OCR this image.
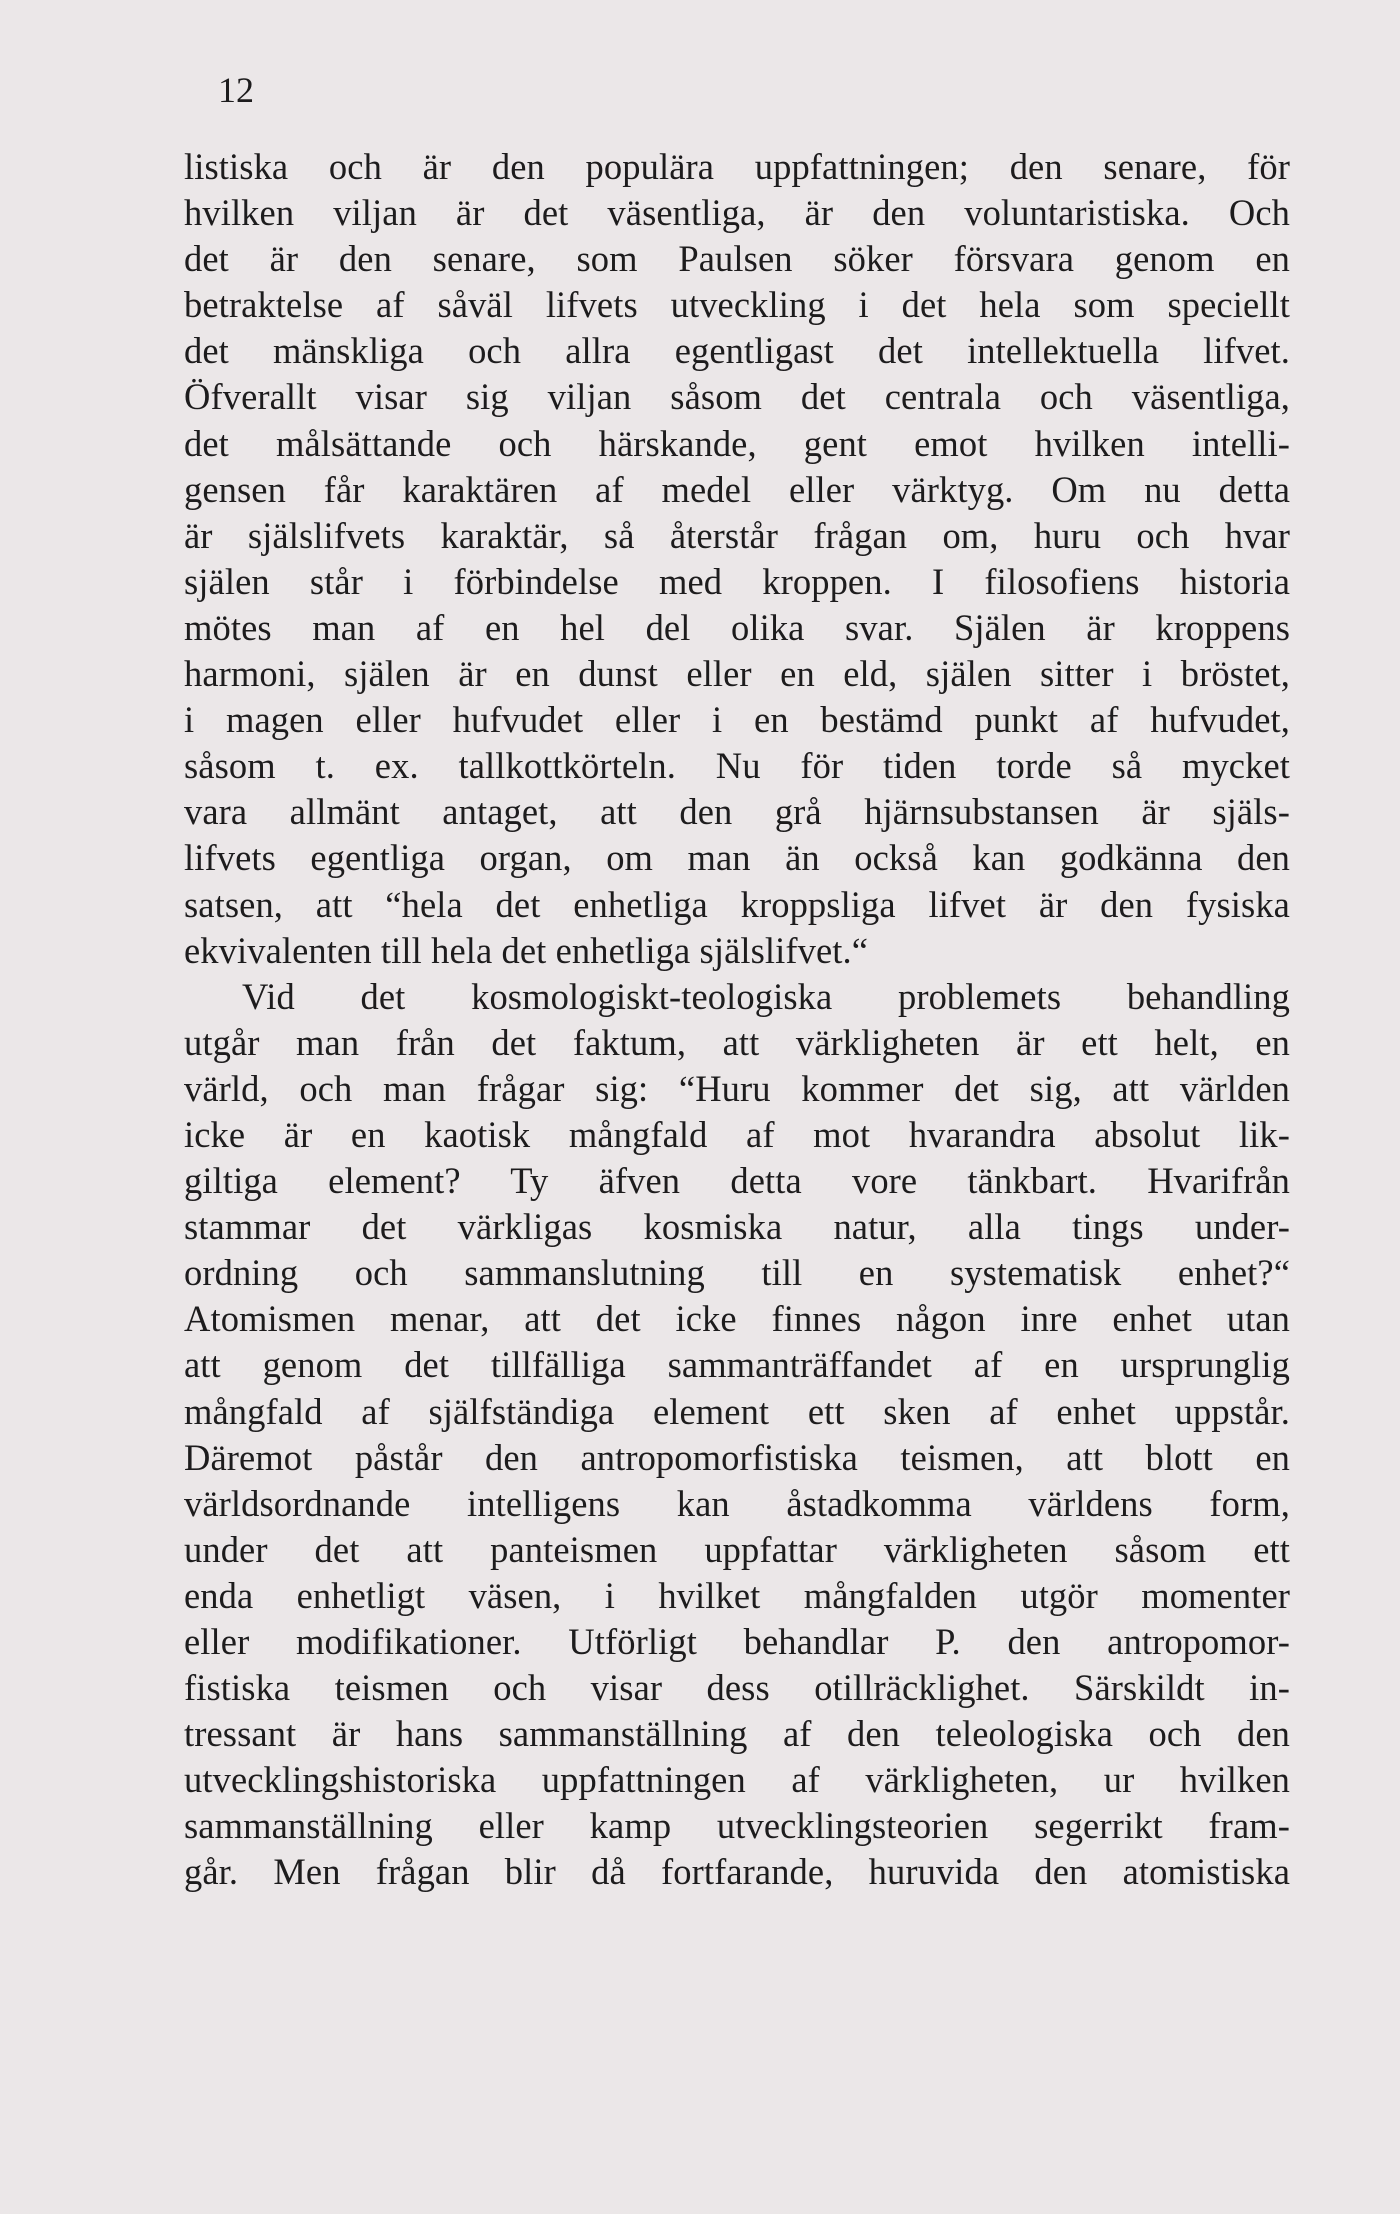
12
listiska och är den populära uppfattningen; den senare, för
hvilken viljan är det väsentliga, är den voluntaristiska. Och
det är den senare, som Paulsen söker försvara genom en
betraktelse af såväl lifvets utveckling i det hela som speciellt
det mänskliga och allra egentligast det intellektuella lifvet.
Öfverallt visar sig viljan såsom det centrala och väsentliga,
det målsättande och härskande, gent emot hvilken intelli-
gensen får karaktären af medel eller värktyg. Om nu detta
är själslifvets karaktär, så återstår frågan om, huru och hvar
själen står i förbindelse med kroppen. I filosofiens historia
mötes man af en hel del olika svar. Själen är kroppens
harmoni, själen är en dunst eller en eld, själen sitter i bröstet,
i magen eller hufvudet eller i en bestämd punkt af hufvudet,
såsom t. ex. tallkottkörteln. Nu för tiden torde så mycket
vara allmänt antaget, att den grå hjärnsubstansen är själs-
lifvets egentliga organ, om man än också kan godkänna den
satsen, att “hela det enhetliga kroppsliga lifvet är den fysiska
ekvivalenten till hela det enhetliga själslifvet.“
Vid det kosmologiskt-teologiska problemets behandling
utgår man från det faktum, att värkligheten är ett helt, en
värld, och man frågar sig: “Huru kommer det sig, att världen
icke är en kaotisk mångfald af mot hvarandra absolut lik-
giltiga element? Ty äfven detta vore tänkbart. Hvarifrån
stammar det värkligas kosmiska natur, alla tings under-
ordning och sammanslutning till en systematisk enhet?“
Atomismen menar, att det icke finnes någon inre enhet utan
att genom det tillfälliga sammanträffandet af en ursprunglig
mångfald af själfständiga element ett sken af enhet uppstår.
Däremot påstår den antropomorfistiska teismen, att blott en
världsordnande intelligens kan åstadkomma världens form,
under det att panteismen uppfattar värkligheten såsom ett
enda enhetligt väsen, i hvilket mångfalden utgör momenter
eller modifikationer. Utförligt behandlar P. den antropomor-
fistiska teismen och visar dess otillräcklighet. Särskildt in-
tressant är hans sammanställning af den teleologiska och den
utvecklingshistoriska uppfattningen af värkligheten, ur hvilken
sammanställning eller kamp utvecklingsteorien segerrikt fram-
går. Men frågan blir då fortfarande, huruvida den atomistiska
